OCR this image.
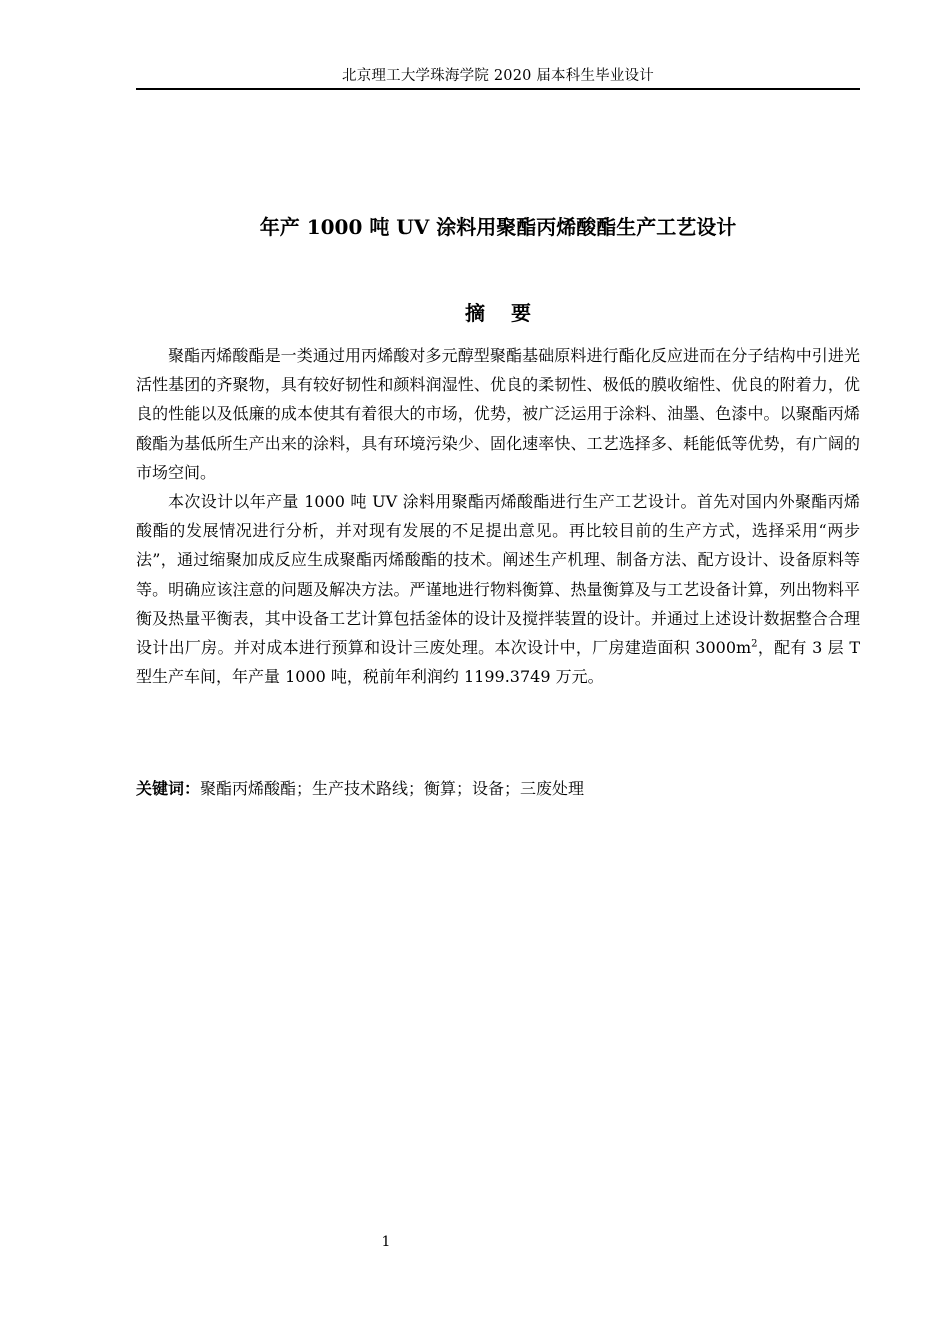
北京理工大学珠海学院 2020 届本科生毕业设计
年产 1000 吨 UV 涂料用聚酯丙烯酸酯生产工艺设计
摘要

聚酯丙烯酸酯是一类通过用丙烯酸对多元醇型聚酯基础原料进行酯化反应进而在分子结构中引进光活性基团的齐聚物，具有较好韧性和颜料润湿性、优良的柔韧性、极低的膜收缩性、优良的附着力，优良的性能以及低廉的成本使其有着很大的市场，优势，被广泛运用于涂料、油墨、色漆中。以聚酯丙烯酸酯为基低所生产出来的涂料，具有环境污染少、固化速率快、工艺选择多、耗能低等优势，有广阔的市场空间。

本次设计以年产量 1000 吨 UV 涂料用聚酯丙烯酸酯进行生产工艺设计。首先对国内外聚酯丙烯酸酯的发展情况进行分析，并对现有发展的不足提出意见。再比较目前的生产方式，选择采用“两步法”，通过缩聚加成反应生成聚酯丙烯酸酯的技术。阐述生产机理、制备方法、配方设计、设备原料等等。明确应该注意的问题及解决方法。严谨地进行物料衡算、热量衡算及与工艺设备计算，列出物料平衡及热量平衡表，其中设备工艺计算包括釜体的设计及搅拌装置的设计。并通过上述设计数据整合合理设计出厂房。并对成本进行预算和设计三废处理。本次设计中，厂房建造面积 $3000m^2$，配有 3 层 T 型生产车间，年产量 1000 吨，税前年利润约 1199.3749 万元。

关键词：聚酯丙烯酸酯；生产技术路线；衡算；设备；三废处理
1
